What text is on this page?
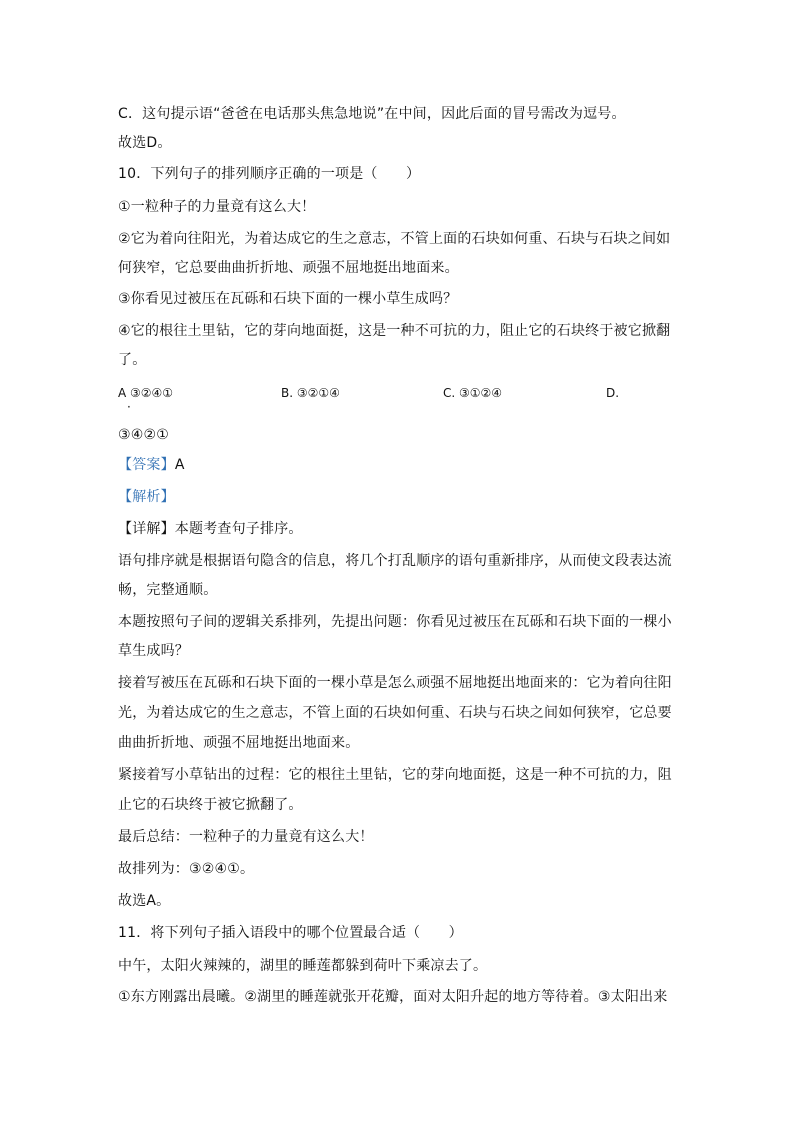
C．这句提示语“爸爸在电话那头焦急地说”在中间，因此后面的冒号需改为逗号。
故选D。
10．下列句子的排列顺序正确的一项是（　　）
①一粒种子的力量竟有这么大！
②它为着向往阳光，为着达成它的生之意志，不管上面的石块如何重、石块与石块之间如
何狭窄，它总要曲曲折折地、顽强不屈地挺出地面来。
③你看见过被压在瓦砾和石块下面的一棵小草生成吗？
④它的根往土里钻，它的芽向地面挺，这是一种不可抗的力，阻止它的石块终于被它掀翻
了。
A ③②④①
·
B. ③②①④	C. ③①②④	D.
③④②①
【答案】A
【解析】
【详解】本题考查句子排序。
语句排序就是根据语句隐含的信息，将几个打乱顺序的语句重新排序，从而使文段表达流
畅，完整通顺。
本题按照句子间的逻辑关系排列，先提出问题：你看见过被压在瓦砾和石块下面的一棵小
草生成吗？
接着写被压在瓦砾和石块下面的一棵小草是怎么顽强不屈地挺出地面来的：它为着向往阳
光，为着达成它的生之意志，不管上面的石块如何重、石块与石块之间如何狭窄，它总要
曲曲折折地、顽强不屈地挺出地面来。
紧接着写小草钻出的过程：它的根往土里钻，它的芽向地面挺，这是一种不可抗的力，阻
止它的石块终于被它掀翻了。
最后总结：一粒种子的力量竟有这么大！
故排列为：③②④①。
故选A。
11．将下列句子插入语段中的哪个位置最合适（　　）
中午，太阳火辣辣的，湖里的睡莲都躲到荷叶下乘凉去了。
①东方刚露出晨曦。②湖里的睡莲就张开花瓣，面对太阳升起的地方等待着。③太阳出来
